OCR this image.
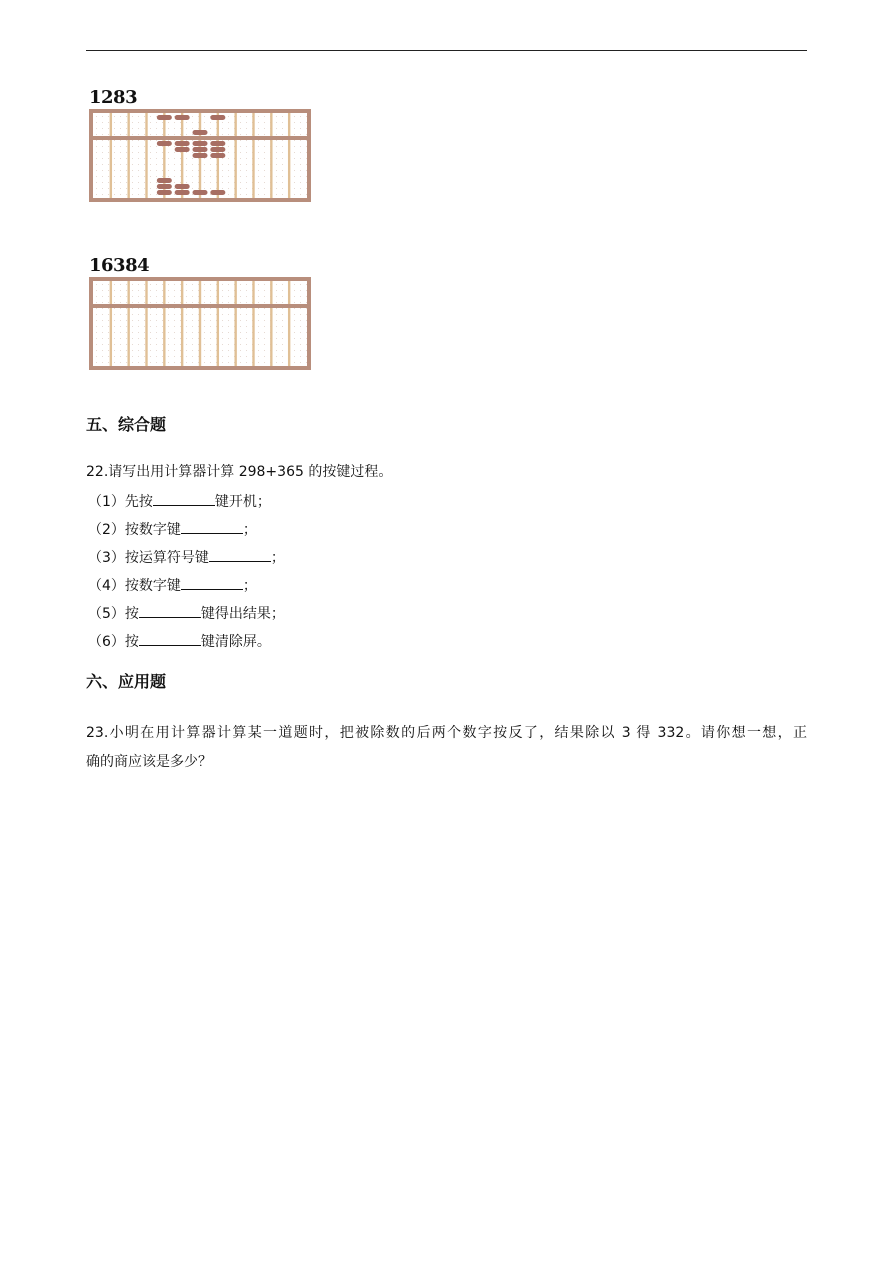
1283
16384
五、综合题
22.请写出用计算器计算 298+365 的按键过程。
（1）先按	键开机；
（2）按数字键	；
（3）按运算符号键	；
（4）按数字键	；
（5）按	键得出结果；
（6）按	键清除屏。
六、应用题
23.小明在用计算器计算某一道题时，把被除数的后两个数字按反了，结果除以 3 得 332。请你想一想，正
确的商应该是多少？
